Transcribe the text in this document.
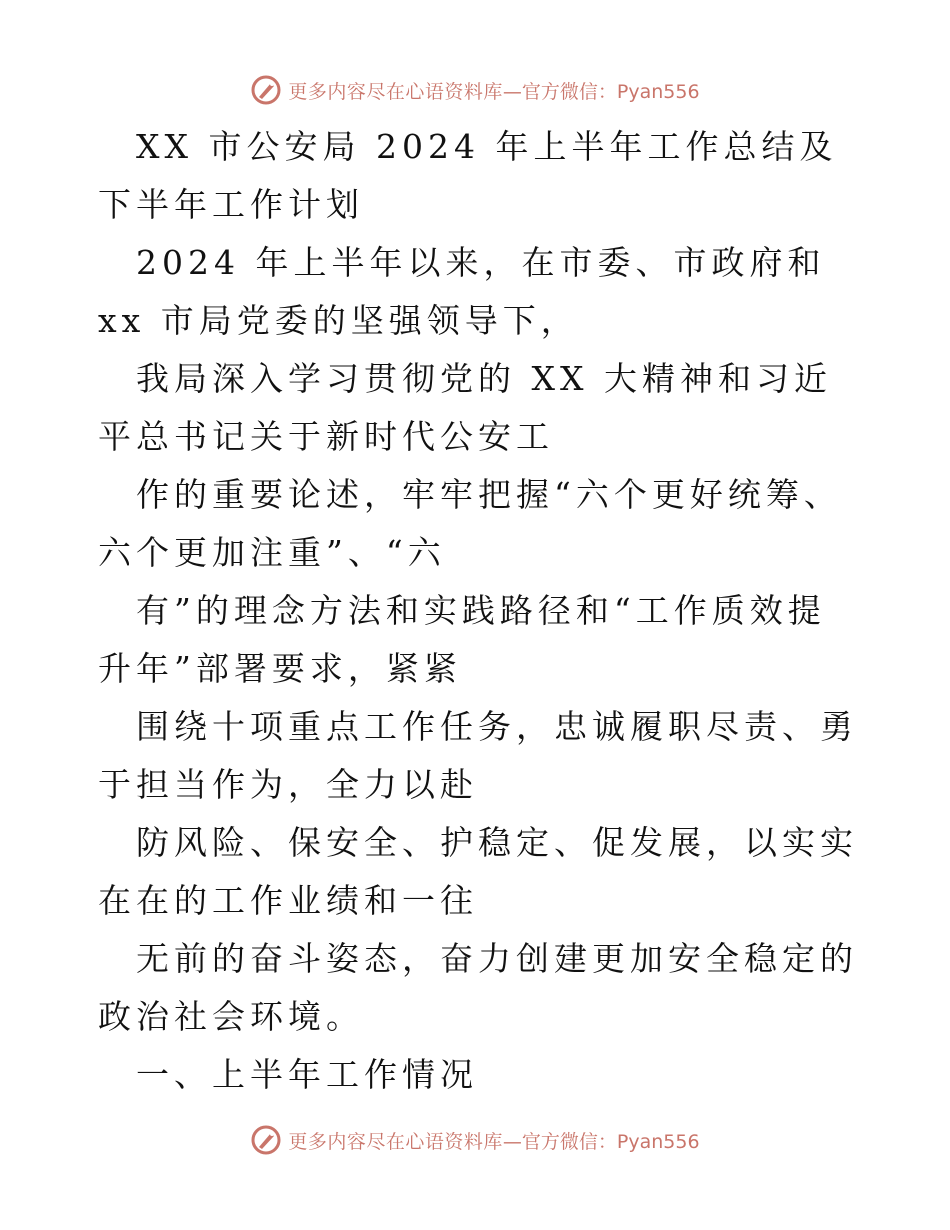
更多内容尽在心语资料库 —官方微信：Pyan556

XX 市公安局 2024 年上半年工作总结及下半年工作计划

2024 年上半年以来，在市委、市政府和 xx 市局党委的坚强领导下，

我局深入学习贯彻党的 XX 大精神和习近平总书记关于新时代公安工

作的重要论述，牢牢把握“六个更好统筹、六个更加注重”、“六

有”的理念方法和实践路径和“工作质效提升年”部署要求，紧紧

围绕十项重点工作任务，忠诚履职尽责、勇于担当作为，全力以赴

防风险、保安全、护稳定、促发展，以实实在在的工作业绩和一往

无前的奋斗姿态，奋力创建更加安全稳定的政治社会环境。

一、上半年工作情况

更多内容尽在心语资料库 —官方微信：Pyan556
